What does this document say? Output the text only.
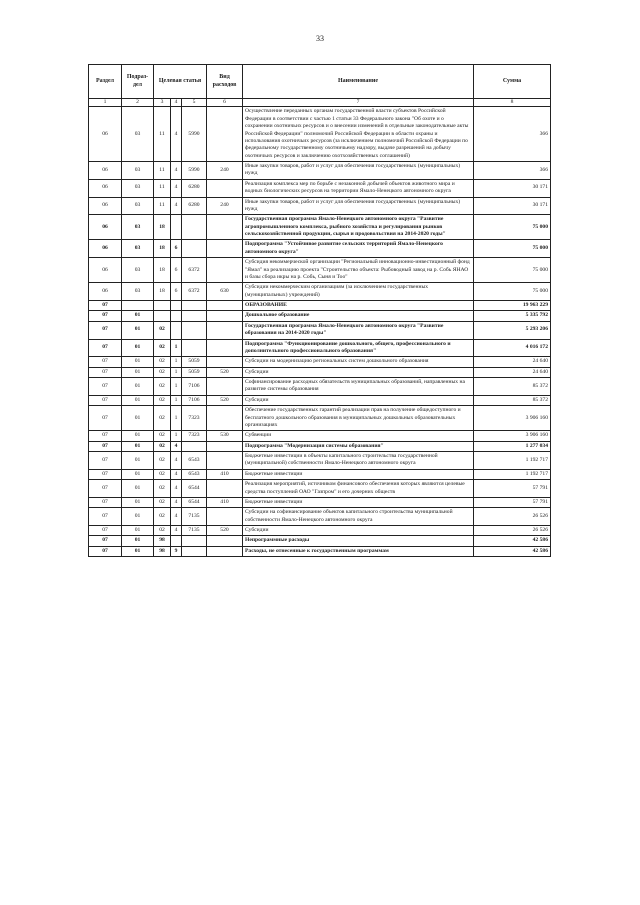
33
Раздел	Подраз-дел	Целевая статья			Вид расходов	Наименование	Сумма
1	2	3	4	5	6	7	8
06	03	11	4	5990		Осуществление переданных органам государственной власти субъектов Российской Федерации в соответствии с частью 1 статьи 33 Федерального закона "Об охоте и о сохранении охотничьих ресурсов и о внесении изменений в отдельные законодательные акты Российской Федерации" полномочий Российской Федерации в области охраны и использования охотничьих ресурсов (за исключением полномочий Российской Федерации по федеральному государственному охотничьему надзору, выдаче разрешений на добычу охотничьих ресурсов и заключению охотхозяйственных соглашений)	366
06	03	11	4	5990	240	Иные закупки товаров, работ и услуг для обеспечения государственных (муниципальных) нужд	366
06	03	11	4	6280		Реализация комплекса мер по борьбе с незаконной добычей объектов животного мира и водных биологических ресурсов на территории Ямало-Ненецкого автономного округа	30 171
06	03	11	4	6280	240	Иные закупки товаров, работ и услуг для обеспечения государственных (муниципальных) нужд	30 171
06	03	18				Государственная программа Ямало-Ненецкого автономного округа "Развитие агропромышленного комплекса, рыбного хозяйства и регулирования рынков сельскохозяйственной продукции, сырья и продовольствия на 2014-2020 годы"	75 000
06	03	18	6			Подпрограмма "Устойчивое развитие сельских территорий Ямало-Ненецкого автономного округа"	75 000
06	03	18	6	6372		Субсидия некоммерческой организации "Региональный инновационно-инвестиционный фонд "Ямал" на реализацию проекта "Строительство объекта: Рыбоводный завод на р. Собь ЯНАО и базы сбора икры на р. Собь, Сыня и Тоо"	75 000
06	03	18	6	6372	630	Субсидии некоммерческим организациям (за исключением государственных (муниципальных) учреждений)	75 000
07						ОБРАЗОВАНИЕ	19 963 229
07	01					Дошкольное образование	5 335 792
07	01	02				Государственная программа Ямало-Ненецкого автономного округа "Развитие образования на 2014-2020 годы"	5 293 206
07	01	02	1			Подпрограмма "Функционирование дошкольного, общего, профессионального и дополнительного профессионального образования"	4 016 172
07	01	02	1	5059		Субсидии на модернизацию региональных систем дошкольного образования	24 640
07	01	02	1	5059	520	Субсидии	24 640
07	01	02	1	7106		Софинансирование расходных обязательств муниципальных образований, направленных на развитие системы образования	85 372
07	01	02	1	7106	520	Субсидии	85 372
07	01	02	1	7323		Обеспечение государственных гарантий реализации прав на получение общедоступного и бесплатного дошкольного образования в муниципальных дошкольных образовательных организациях	3 906 160
07	01	02	1	7323	530	Субвенции	3 906 160
07	01	02	4			Подпрограмма "Модернизация системы образования"	1 277 034
07	01	02	4	6543		Бюджетные инвестиции в объекты капитального строительства государственной (муниципальной) собственности Ямало-Ненецкого автономного округа	1 192 717
07	01	02	4	6543	410	Бюджетные инвестиции	1 192 717
07	01	02	4	6544		Реализация мероприятий, источником финансового обеспечения которых являются целевые средства поступлений ОАО "Газпром" и его дочерних обществ	57 791
07	01	02	4	6544	410	Бюджетные инвестиции	57 791
07	01	02	4	7135		Субсидии на софинансирование объектов капитального строительства муниципальной собственности Ямало-Ненецкого автономного округа	26 526
07	01	02	4	7135	520	Субсидии	26 526
07	01	98				Непрограммные расходы	42 586
07	01	98	9			Расходы, не отнесенные к государственным программам	42 586
